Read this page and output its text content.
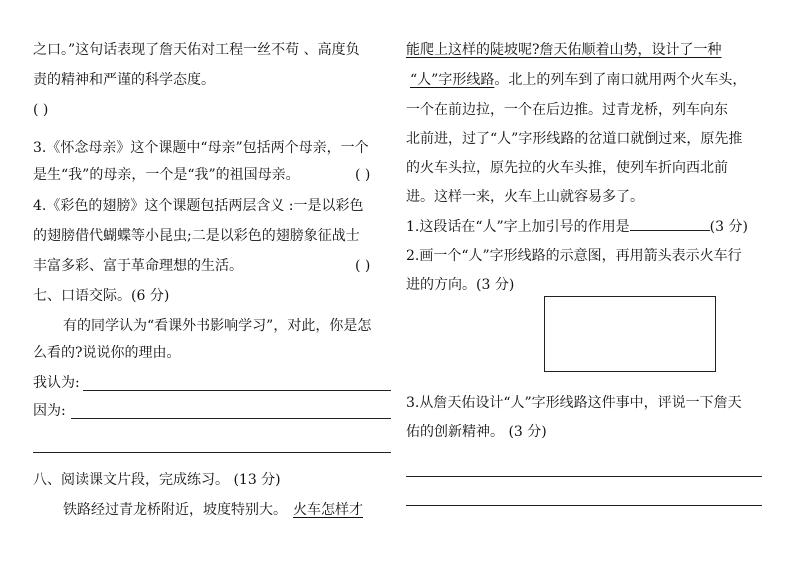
之口。”这句话表现了詹天佑对工程一丝不苟 、高度负
责的精神和严谨的科学态度。
( )
3.《怀念母亲》这个课题中“母亲”包括两个母亲，一个
是生“我”的母亲，一个是“我”的祖国母亲。	( )
4.《彩色的翅膀》这个课题包括两层含义 :一是以彩色
的翅膀借代蝴蝶等小昆虫;二是以彩色的翅膀象征战士
丰富多彩、富于革命理想的生活。	( )
七、口语交际。(6 分)
有的同学认为“看课外书影响学习”，对此，你是怎
么看的?说说你的理由。
我认为:
因为:
八、阅读课文片段，完成练习。 (13 分)
铁路经过青龙桥附近，坡度特别大。 火车怎样才
能爬上这样的陡坡呢?詹天佑顺着山势，设计了一种
“人”字形线路。北上的列车到了南口就用两个火车头，
一个在前边拉，一个在后边推。过青龙桥，列车向东
北前进，过了“人”字形线路的岔道口就倒过来，原先推
的火车头拉，原先拉的火车头推，使列车折向西北前
进。这样一来，火车上山就容易多了。
1.这段话在“人”字上加引号的作用是	(3 分)
2.画一个“人”字形线路的示意图，再用箭头表示火车行
进的方向。(3 分)
3.从詹天佑设计“人”字形线路这件事中，评说一下詹天
佑的创新精神。 (3 分)
